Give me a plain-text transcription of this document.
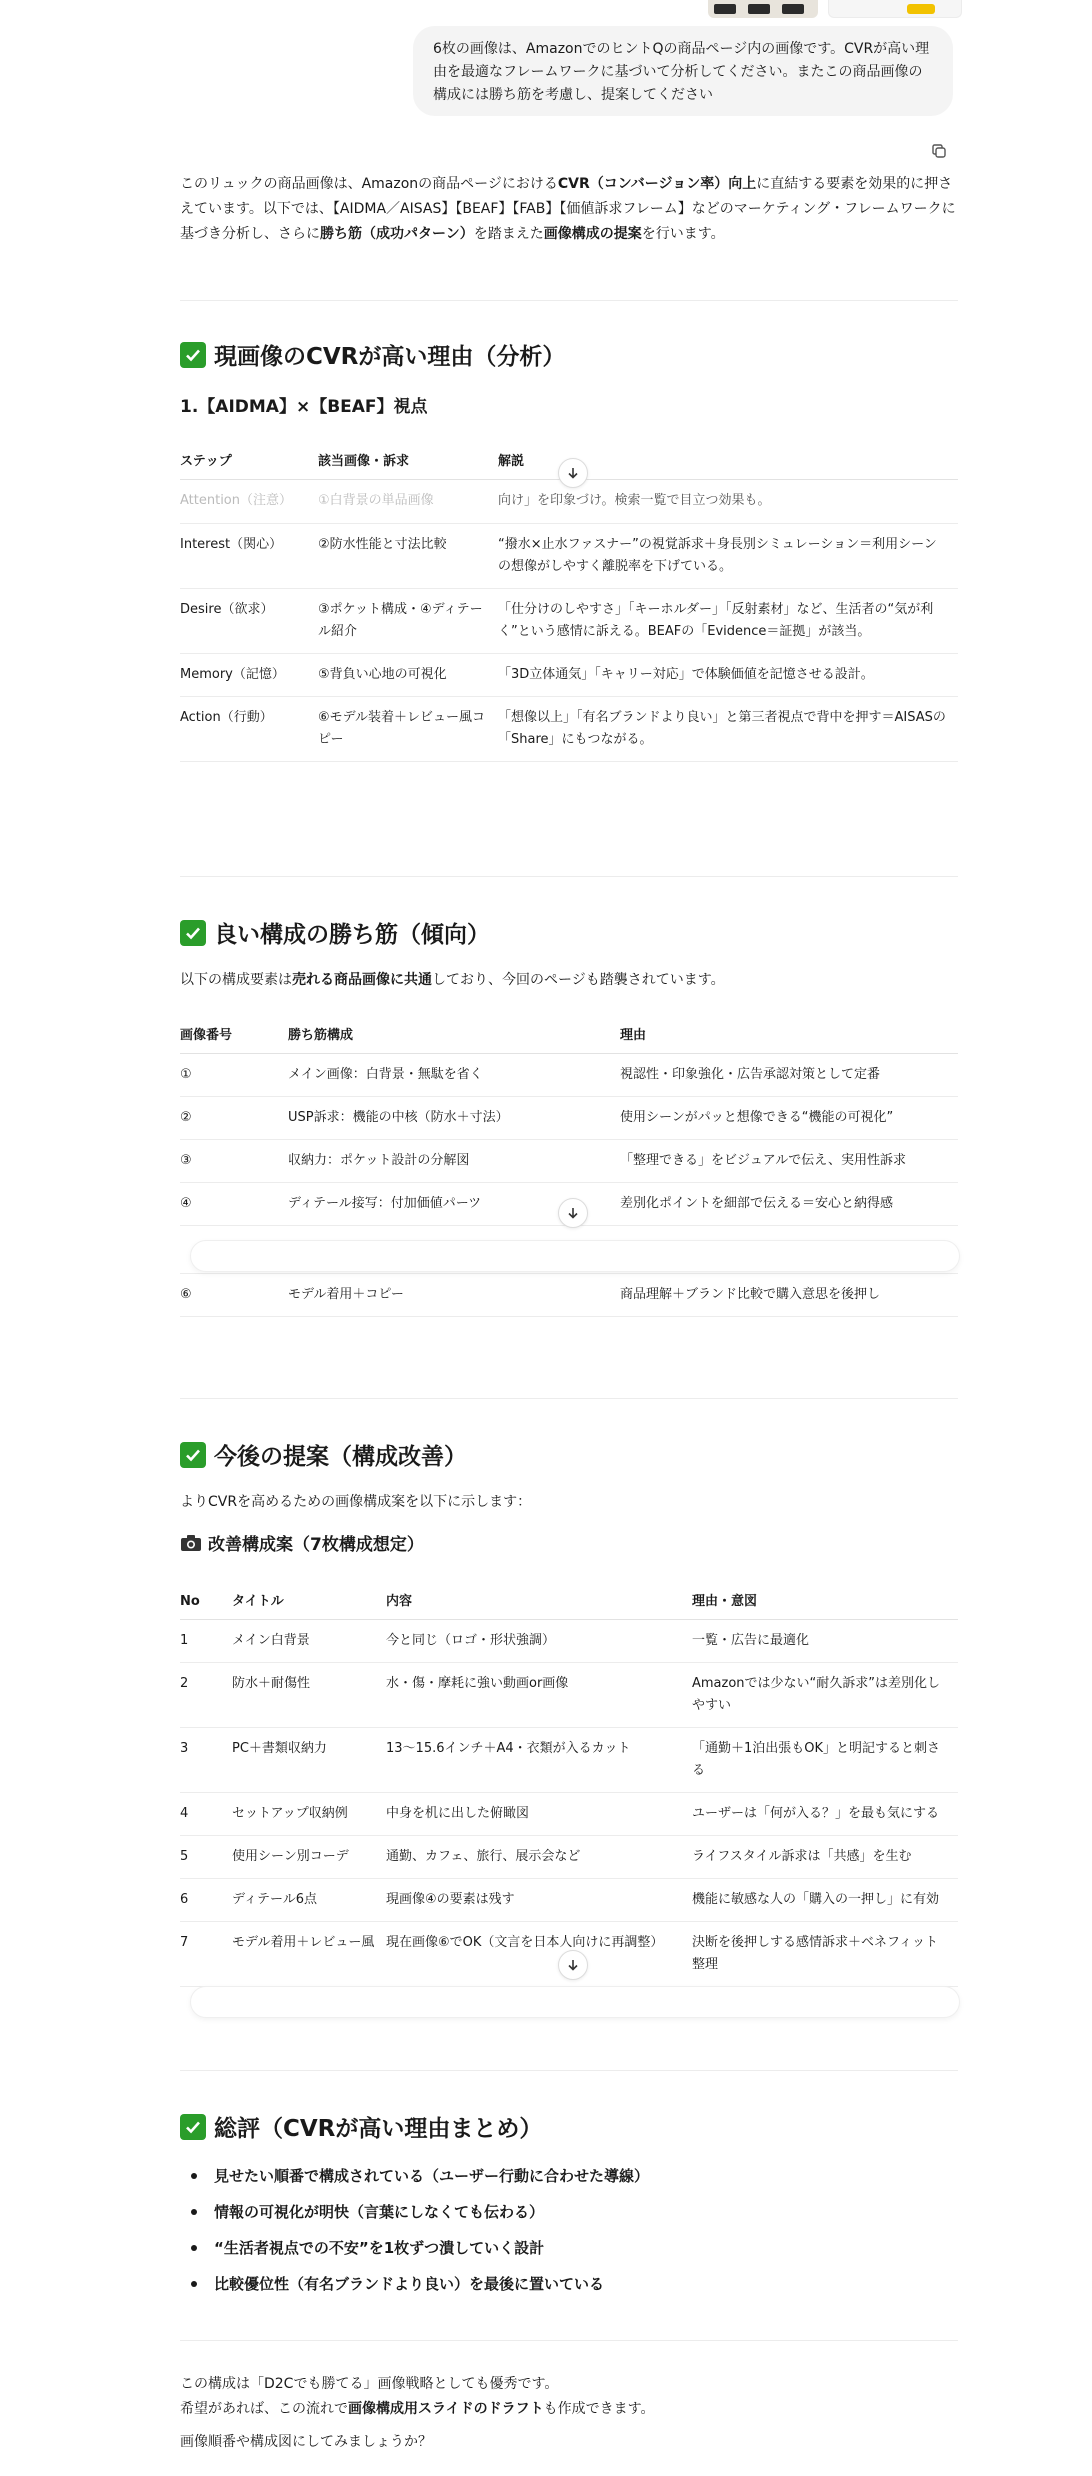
6枚の画像は、AmazonでのヒントQの商品ページ内の画像です。CVRが高い理由を最適なフレームワークに基づいて分析してください。またこの商品画像の構成には勝ち筋を考慮し、提案してください

このリュックの商品画像は、Amazonの商品ページにおけるCVR（コンバージョン率）向上に直結する要素を効果的に押さえています。以下では、【AIDMA／AISAS】【BEAF】【FAB】【価値訴求フレーム】などのマーケティング・フレームワークに基づき分析し、さらに勝ち筋（成功パターン）を踏まえた画像構成の提案を行います。

現画像のCVRが高い理由（分析）
1.【AIDMA】×【BEAF】視点
ステップ	該当画像・訴求	解説
Attention（注意）	①白背景の単品画像	向け」を印象づけ。検索一覧で目立つ効果も。
Interest（関心）	②防水性能と寸法比較	“撥水×止水ファスナー”の視覚訴求＋身長別シミュレーション＝利用シーンの想像がしやすく離脱率を下げている。
Desire（欲求）	③ポケット構成・④ディテール紹介	「仕分けのしやすさ」「キーホルダー」「反射素材」など、生活者の“気が利く”という感情に訴える。BEAFの「Evidence＝証拠」が該当。
Memory（記憶）	⑤背負い心地の可視化	「3D立体通気」「キャリー対応」で体験価値を記憶させる設計。
Action（行動）	⑥モデル装着＋レビュー風コピー	「想像以上」「有名ブランドより良い」と第三者視点で背中を押す＝AISASの「Share」にもつながる。
良い構成の勝ち筋（傾向）

以下の構成要素は売れる商品画像に共通しており、今回のページも踏襲されています。

画像番号	勝ち筋構成	理由
①	メイン画像：白背景・無駄を省く	視認性・印象強化・広告承認対策として定番
②	USP訴求：機能の中核（防水＋寸法）	使用シーンがパッと想像できる“機能の可視化”
③	収納力：ポケット設計の分解図	「整理できる」をビジュアルで伝え、実用性訴求
④	ディテール接写：付加価値パーツ	差別化ポイントを細部で伝える＝安心と納得感

⑥	モデル着用＋コピー	商品理解＋ブランド比較で購入意思を後押し
今後の提案（構成改善）

よりCVRを高めるための画像構成案を以下に示します：

改善構成案（7枚構成想定）
No	タイトル	内容	理由・意図
1	メイン白背景	今と同じ（ロゴ・形状強調）	一覧・広告に最適化
2	防水＋耐傷性	水・傷・摩耗に強い動画or画像	Amazonでは少ない“耐久訴求”は差別化しやすい
3	PC＋書類収納力	13〜15.6インチ＋A4・衣類が入るカット	「通勤＋1泊出張もOK」と明記すると刺さる
4	セットアップ収納例	中身を机に出した俯瞰図	ユーザーは「何が入る？」を最も気にする
5	使用シーン別コーデ	通勤、カフェ、旅行、展示会など	ライフスタイル訴求は「共感」を生む
6	ディテール6点	現画像④の要素は残す	機能に敏感な人の「購入の一押し」に有効
7	モデル着用＋レビュー風	現在画像⑥でOK（文言を日本人向けに再調整）	決断を後押しする感情訴求＋ベネフィット整理
総評（CVRが高い理由まとめ）
見せたい順番で構成されている（ユーザー行動に合わせた導線）
情報の可視化が明快（言葉にしなくても伝わる）
“生活者視点での不安”を1枚ずつ潰していく設計
比較優位性（有名ブランドより良い）を最後に置いている

この構成は「D2Cでも勝てる」画像戦略としても優秀です。

希望があれば、この流れで画像構成用スライドのドラフトも作成できます。

画像順番や構成図にしてみましょうか？
